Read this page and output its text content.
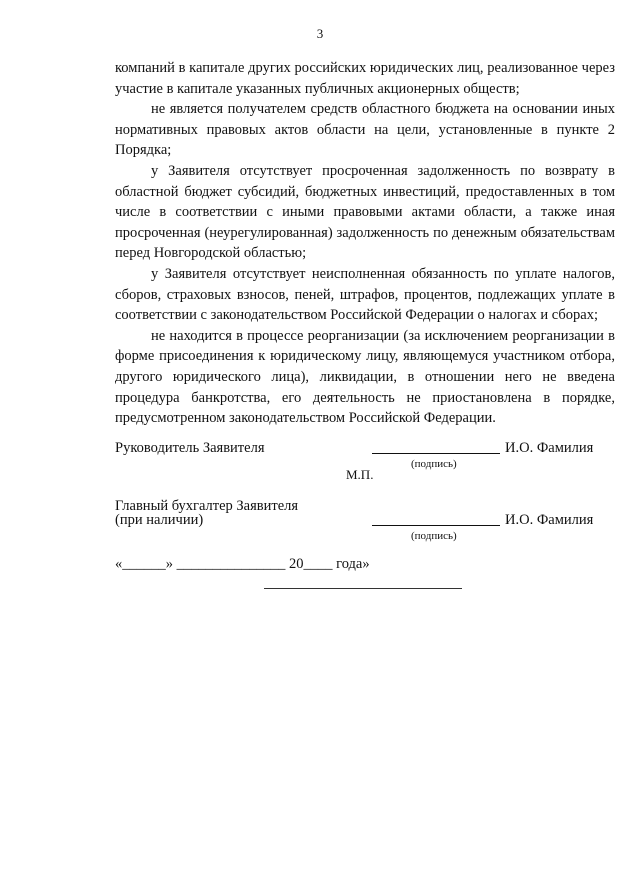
3

компаний в капитале других российских юридических лиц, реализованное через участие в капитале указанных публичных акционерных обществ;

не является получателем средств областного бюджета на основании иных нормативных правовых актов области на цели, установленные в пункте 2 Порядка;

у Заявителя отсутствует просроченная задолженность по возврату в областной бюджет субсидий, бюджетных инвестиций, предоставленных в том числе в соответствии с иными правовыми актами области, а также иная просроченная (неурегулированная) задолженность по денежным обязательствам перед Новгородской областью;

у Заявителя отсутствует неисполненная обязанность по уплате налогов, сборов, страховых взносов, пеней, штрафов, процентов, подлежащих уплате в соответствии с законодательством Российской Федерации о налогах и сборах;

не находится в процессе реорганизации (за исключением реорганизации в форме присоединения к юридическому лицу, являющемуся участником отбора, другого юридического лица), ликвидации, в отношении него не введена процедура банкротства, его деятельность не приостановлена в порядке, предусмотренном законодательством Российской Федерации.

Руководитель Заявителя	И.О. Фамилия
(подпись)
М.П.
Главный бухгалтер Заявителя
(при наличии)	И.О. Фамилия
(подпись)
«______» _______________ 20____ года»
